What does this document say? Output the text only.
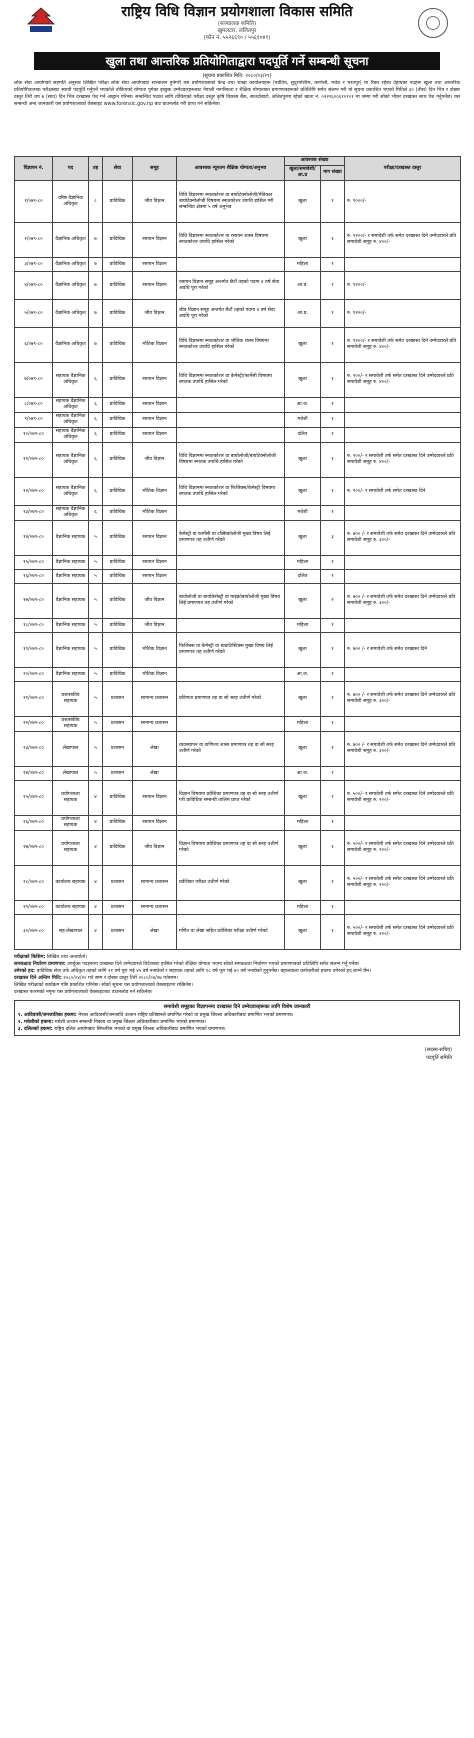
राष्ट्रिय विधि विज्ञान प्रयोगशाला विकास समिति
(सञ्चालक समिति)
खुमलटार, ललितपुर
(फोन नं. ५५२६६९० / ५५६१०४९)
खुला तथा आन्तरिक प्रतियोगिताद्वारा पदपूर्ति गर्ने सम्बन्धी सूचना
(सूचना प्रकाशित मिति: २०८०/०३/२१)
लोक सेवा आयोगको सहमति अनुसार लिखित परीक्षा लोक सेवा आयोगबाट सञ्चालन हुनेगरी यस प्रयोगशालाको केन्द्र तथा शाखा कार्यालयहरू (पर्वतिय, सुदुरपश्चिम, कर्णाली, मधेश र भरतपुर) मा रिक्त रहेका देहायका पदहरू खुला तथा आन्तरिक प्रतियोगितात्मक परीक्षाबाट स्थायी पदपूर्ति गर्नुपर्ने भएकोले तोकिएको योग्यता पुगेका इच्छुक उम्मेदवारहरूबाट नेपाली नागरिकता र शैक्षिक योग्यताका प्रमाणपत्रहरूको प्रतिलिपि समेत संलग्न गरी यो सूचना प्रकाशित भएको मितिले ३० (तीस) दिन भित्र र दोब्बर दस्तुर तिरी थप ७ (सात) दिन भित्र दरखास्त पेश गर्न आह्वान गरिन्छ। सम्बन्धित पदका लागि तोकिएको परीक्षा दस्तुर कृषि विकास बैंक, सातदोबाटो, ललितपुरमा रहेको खाता नं. ०२२१६००६१०१०१ मा जम्मा गरी सोको भौचर दरखास्त साथ पेश गर्नुपर्नेछ। यस सम्बन्धी अन्य जानकारी यस प्रयोगशालाको वेबसाइट www.forensic.gov.np बाट डाउनलोड गरी प्राप्त गर्न सकिनेछ।
विज्ञापन नं.	पद	तह	सेवा	समूह	आवश्यक न्यूनतम शैक्षिक योग्यता/अनुभव	आवश्यक संख्या		परीक्षा/दरखास्त दस्तुर
						खुला/समावेशी/आ.प्र	माग संख्या	
१/०७९-८०	वरिष्ठ वैज्ञानिक अधिकृत	८	प्राविधिक	जीव विज्ञान	विधि विज्ञानमा स्नातकोत्तर वा बायोटेक्नोलोजी/मेडिकल बायोटेक्नोलोजी विषयमा स्नातकोत्तर उपाधि हासिल गरी सम्बन्धित क्षेत्रमा ५ वर्ष अनुभव	खुला	१	रु. १०००/-
२/०७९-८०	वैज्ञानिक अधिकृत	७	प्राविधिक	रसायन विज्ञान	विधि विज्ञानमा स्नातकोत्तर वा रसायन शास्त्र विषयमा स्नातकोत्तर उपाधि हासिल गरेको	खुला	१	रु. १२००/- र समावेशी तर्फ समेत दरखास्त दिने उम्मेदवारले प्रति समावेशी समूह रु. ४००/-
३/०७९-८०	वैज्ञानिक अधिकृत	७	प्राविधिक	रसायन विज्ञान		महिला	१	
४/०७९-८०	वैज्ञानिक अधिकृत	७	प्राविधिक	रसायन विज्ञान	रसायन विज्ञान समूह अन्तर्गत छैटौं तहको पदमा ४ वर्ष सेवा अवधि पूरा गरेको	आ.प्र.	१	रु. १२००/-
५/०७९-८०	वैज्ञानिक अधिकृत	७	प्राविधिक	जीव विज्ञान	जीव विज्ञान समूह अन्तर्गत छैटौं तहको पदमा ४ वर्ष सेवा अवधि पूरा गरेको	आ.प्र.	१	रु. १२००/-
६/०७९-८०	वैज्ञानिक अधिकृत	७	प्राविधिक	भौतिक विज्ञान	विधि विज्ञानमा स्नातकोत्तर वा भौतिक शास्त्र विषयमा स्नातकोत्तर उपाधि हासिल गरेको	खुला	१	रु. १२००/- र समावेशी तर्फ समेत दरखास्त दिने उम्मेदवारले प्रति समावेशी समूह रु. ४००/-
७/०७९-८०	सहायक वैज्ञानिक अधिकृत	६	प्राविधिक	रसायन विज्ञान	विधि विज्ञानमा स्नातकोत्तर वा केमेस्ट्री/फार्मेसी विषयमा स्नातक उपाधि हासिल गरेको	खुला	१	रु. ९००/- र समावेशी तर्फ समेत दरखास्त दिने उम्मेदवारले प्रति समावेशी समूह रु. ४००/-
८/०७९-८०	सहायक वैज्ञानिक अधिकृत	६	प्राविधिक	रसायन विज्ञान		आ.ज.	१	
९/०७९-८०	सहायक वैज्ञानिक अधिकृत	६	प्राविधिक	रसायन विज्ञान		मधेशी	१	
१०/०७९-८०	सहायक वैज्ञानिक अधिकृत	६	प्राविधिक	रसायन विज्ञान		दलित	१	
११/०७९-८०	सहायक वैज्ञानिक अधिकृत	६	प्राविधिक	जीव विज्ञान	विधि विज्ञानमा स्नातकोत्तर वा बायोलोजी/बायोटेक्नोलोजी विषयमा स्नातक उपाधि हासिल गरेको	खुला	१	रु. ९००/- र समावेशी तर्फ समेत दरखास्त दिने उम्मेदवारले प्रति समावेशी समूह रु. ४००/-
१२/०७९-८०	सहायक वैज्ञानिक अधिकृत	६	प्राविधिक	भौतिक विज्ञान	विधि विज्ञानमा स्नातकोत्तर वा फिजिक्स/केमेस्ट्री विषयमा स्नातक उपाधि हासिल गरेको	खुला	१	रु. ९००/- र समावेशी तर्फ समेत दरखास्त दिने
१३/०७९-८०	सहायक वैज्ञानिक अधिकृत	६	प्राविधिक	भौतिक विज्ञान		मधेशी	१	
१४/०७९-८०	वैज्ञानिक सहायक	५	प्राविधिक	रसायन विज्ञान	केमेस्ट्री वा फार्मेसी वा टक्सिकोलोजी मुख्य विषय लिई प्रमाणपत्र तह उत्तीर्ण गरेको	खुला	३	रु. ७०० /- र समावेशी तर्फ समेत दरखास्त दिने उम्मेदवारले प्रति समावेशी समूह रु. ३००/-
१५/०७९-८०	वैज्ञानिक सहायक	५	प्राविधिक	रसायन विज्ञान		महिला	१	
१६/०७९-८०	वैज्ञानिक सहायक	५	प्राविधिक	रसायन विज्ञान		दलित	१	
१७/०७९-८०	वैज्ञानिक सहायक	५	प्राविधिक	जीव विज्ञान	बायोलोजी वा बायोकेमेस्ट्री वा माइक्रोबायोलोजी मुख्य विषय लिई प्रमाणपत्र तह उत्तीर्ण गरेको	खुला	२	रु. ७०० /- र समावेशी तर्फ समेत दरखास्त दिने उम्मेदवारले प्रति समावेशी समूह रु. ३००/-
१८/०७९-८०	वैज्ञानिक सहायक	५	प्राविधिक	जीव विज्ञान		महिला	१	
१९/०७९-८०	वैज्ञानिक सहायक	५	प्राविधिक	भौतिक विज्ञान	फिजिक्स वा केमेस्ट्री वा स्ट्याटिस्टिक्स मुख्य विषय लिई प्रमाणपत्र तह उत्तीर्ण गरेको	खुला	१	रु. ७०० /- र समावेशी तर्फ समेत दरखास्त दिने
२०/०७९-८०	वैज्ञानिक सहायक	५	प्राविधिक	भौतिक विज्ञान		आ.ज.	१	
२१/०७९-८०	प्रशासकीय सहायक	५	प्रशासन	सामान्य प्रशासन	प्रविणता प्रमाणपत्र तह वा सो सरह उत्तीर्ण गरेको	खुला	१	रु. ७०० /- र समावेशी तर्फ समेत दरखास्त दिने उम्मेदवारले प्रति समावेशी समूह रु. ३००/-
२२/०७९-८०	प्रशासकीय सहायक	५	प्रशासन	सामान्य प्रशासन		महिला	१	
२३/०७९-८०	लेखापाल	५	प्रशासन	लेखा	व्यवस्थापन वा वाणिज्य शास्त्र प्रमाणपत्र तह वा सो सरह उत्तीर्ण गरेको	खुला	१	रु. ७०० /- र समावेशी तर्फ समेत दरखास्त दिने उम्मेदवारले प्रति समावेशी समूह रु. ३००/-
२४/०७९-८०	लेखापाल	५	प्रशासन	लेखा		आ.ज.	१	
२५/०७९-८०	प्रयोगशाला सहायक	४	प्राविधिक	रसायन विज्ञान	विज्ञान विषयमा प्रवेशिका प्रमाणपत्र तह वा सो सरह उत्तीर्ण गरी प्राविधिक सम्बन्धी तालिम प्राप्त गरेको	खुला	१	रु. ५००/- र समावेशी तर्फ समेत दरखास्त दिने उम्मेदवारले प्रति समावेशी समूह रु. २००/-
२६/०७९-८०	प्रयोगशाला सहायक	४	प्राविधिक	रसायन विज्ञान		महिला	१	
२७/०७९-८०	प्रयोगशाला सहायक	४	प्राविधिक	जीव विज्ञान	विज्ञान विषयमा प्रवेशिका प्रमाणपत्र तह वा सो सरह उत्तीर्ण गरेको	खुला	१	रु. ५००/- र समावेशी तर्फ समेत दरखास्त दिने उम्मेदवारले प्रति समावेशी समूह रु. २००/-
२८/०७९-८०	कार्यालय सहायक	४	प्रशासन	सामान्य प्रशासन	प्रवेशिका परीक्षा उत्तीर्ण गरेको	खुला	१	रु. ५००/- र समावेशी तर्फ समेत दरखास्त दिने उम्मेदवारले प्रति समावेशी समूह रु. २००/-
२९/०७९-८०	कार्यालय सहायक	४	प्रशासन	सामान्य प्रशासन		महिला	१	
३०/०७९-८०	सह-लेखापाल	४	प्रशासन	लेखा	गणित वा लेखा सहित प्रवेशिका परीक्षा उत्तीर्ण गरेको	खुला	१	रु. ५००/- र समावेशी तर्फ समेत दरखास्त दिने उम्मेदवारले प्रति समावेशी समूह रु. २००/-
परीक्षाको किसिम: लिखित तथा अन्तर्वार्ता।
समकक्षता निर्धारण प्रमाणपत्र: उपर्युक्त पदहरूमा दरखास्त दिने उम्मेदवारले विदेशबाट हासिल गरेको शैक्षिक योग्यता भएमा सोको समकक्षता निर्धारण भएको प्रमाणपत्रको प्रतिलिपि समेत संलग्न गर्नु पर्नेछ।
उमेरको हद: प्राविधिक सेवा तर्फ अधिकृत तहको लागि २१ वर्ष पूरा भई ४५ वर्ष ननाघेको र सहायक तहको लागि १८ वर्ष पूरा भई ४० वर्ष ननाघेको हुनुपर्नेछ। बहालवाला कर्मचारीको हकमा उमेरको हद लाग्ने छैन।
दरखास्त दिने अन्तिम मिति: २०८०/०४/२० गते सम्म र दोब्बर दस्तुर तिरी २०८०/०४/२७ गतेसम्म।
लिखित परीक्षाको कार्यक्रम पछि प्रकाशित गरिनेछ। सोको सूचना यस प्रयोगशालाको वेबसाइटमा राखिनेछ।
दरखास्त फारमको नमूना यस प्रयोगशालाको वेबसाइटबाट डाउनलोड गर्न सकिनेछ।
समावेशी समूहका विज्ञापनमा दरखास्त दिने उम्मेदवारहरूका लागि विशेष जानकारी
१. आदिवासी/जनजातिका हकमा: नेपाल आदिवासी/जनजाति उत्थान राष्ट्रिय प्रतिष्ठानले प्रमाणित गरेको वा प्रमुख जिल्ला अधिकारीबाट प्रमाणित भएको प्रमाणपत्र।
२. मधेशीको हकमा: मधेशी उत्थान सम्बन्धी निकाय वा प्रमुख जिल्ला अधिकारीबाट प्रमाणित भएको प्रमाणपत्र।
३. दलितको हकमा: राष्ट्रिय दलित आयोगबाट सिफारिस भएको वा प्रमुख जिल्ला अधिकारीबाट प्रमाणित भएको प्रमाणपत्र।
(सदस्य-सचिव)
पदपूर्ति समिति
